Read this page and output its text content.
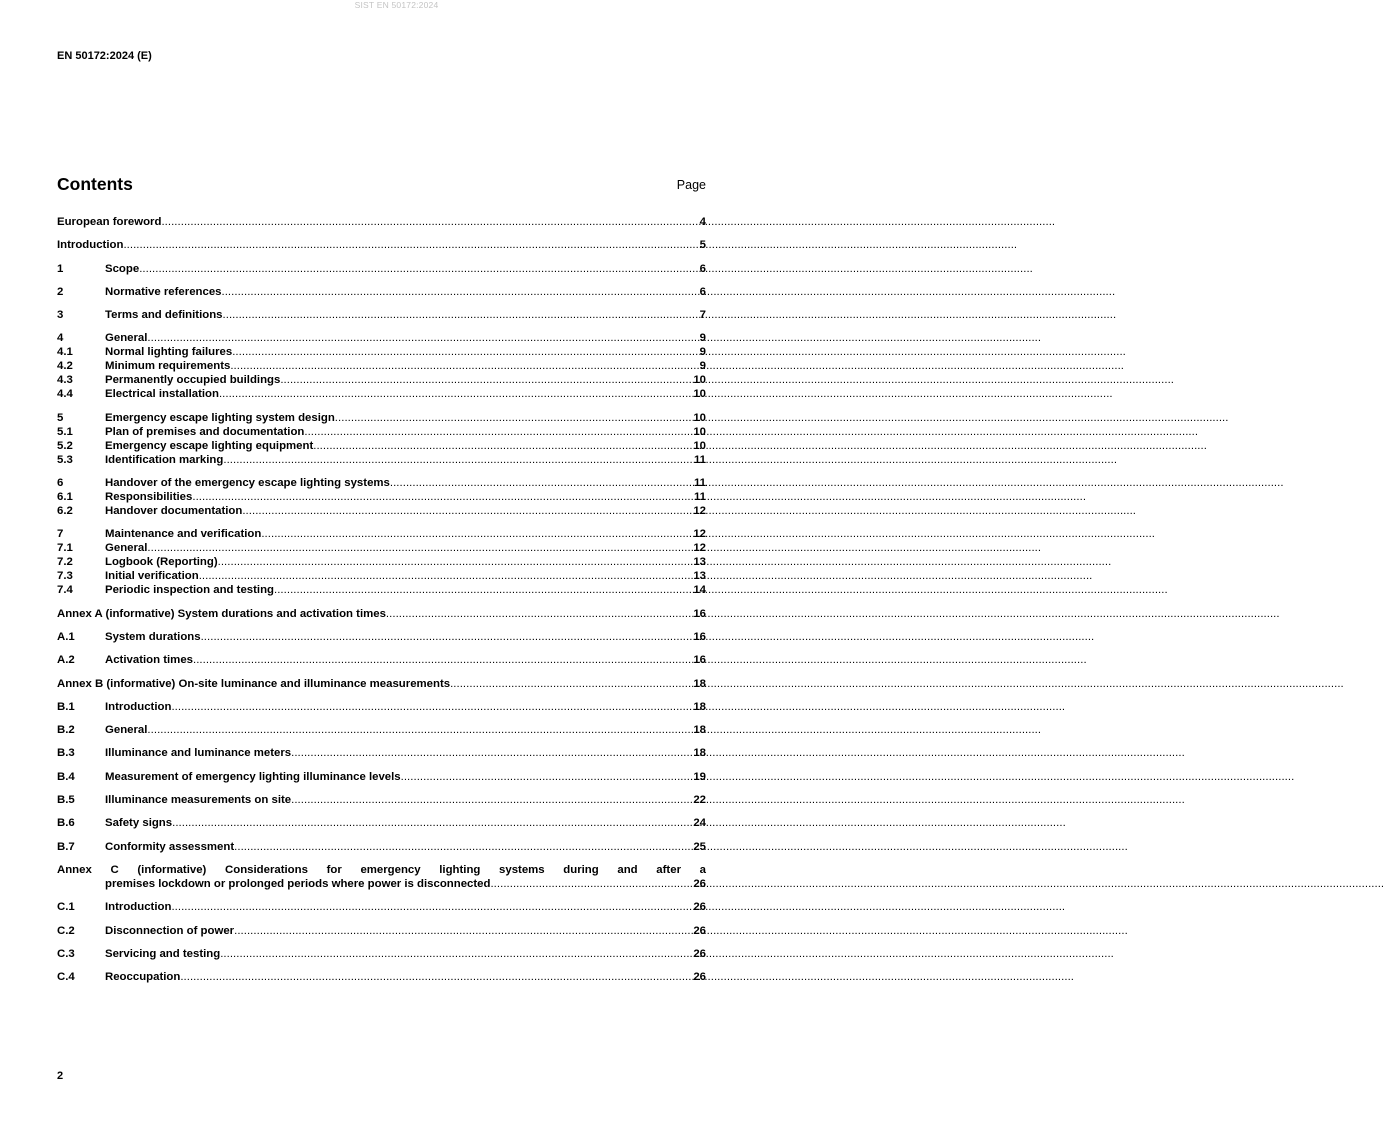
SIST EN 50172:2024
EN 50172:2024 (E)
Contents	Page
European foreword .....	4
Introduction .....	5
1	Scope .....	6
2	Normative references .....	6
3	Terms and definitions .....	7
4	General .....	9
4.1	Normal lighting failures .....	9
4.2	Minimum requirements .....	9
4.3	Permanently occupied buildings .....	10
4.4	Electrical installation .....	10
5	Emergency escape lighting system design .....	10
5.1	Plan of premises and documentation .....	10
5.2	Emergency escape lighting equipment .....	10
5.3	Identification marking .....	11
6	Handover of the emergency escape lighting systems .....	11
6.1	Responsibilities .....	11
6.2	Handover documentation .....	12
7	Maintenance and verification .....	12
7.1	General .....	12
7.2	Logbook (Reporting) .....	13
7.3	Initial verification .....	13
7.4	Periodic inspection and testing .....	14
Annex A (informative) System durations and activation times .....	16
A.1	System durations .....	16
A.2	Activation times .....	16
Annex B (informative) On-site luminance and illuminance measurements .....	18
B.1	Introduction .....	18
B.2	General .....	18
B.3	Illuminance and luminance meters .....	18
B.4	Measurement of emergency lighting illuminance levels .....	19
B.5	Illuminance measurements on site .....	22
B.6	Safety signs .....	24
B.7	Conformity assessment .....	25
Annex C (informative) Considerations for emergency lighting systems during and after a
premises lockdown or prolonged periods where power is disconnected .....	26
C.1	Introduction .....	26
C.2	Disconnection of power .....	26
C.3	Servicing and testing .....	26
C.4	Reoccupation .....	26
2
